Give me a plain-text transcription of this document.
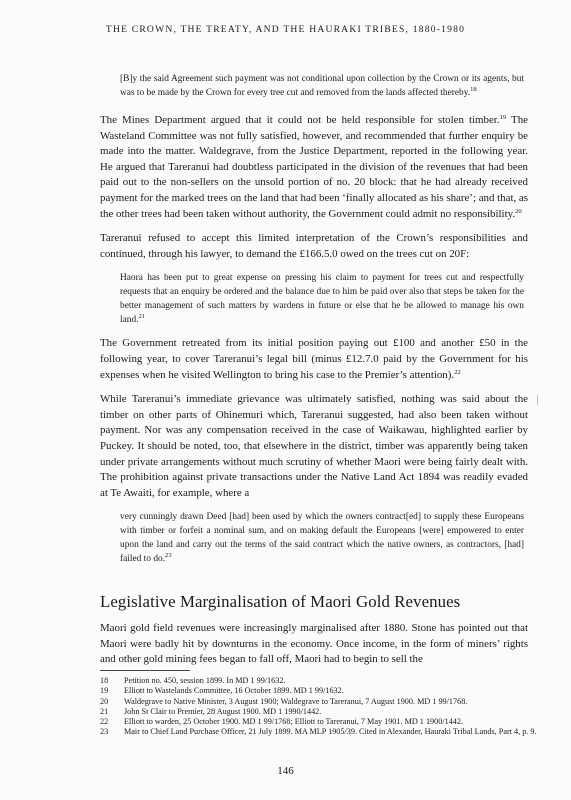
THE CROWN, THE TREATY, AND THE HAURAKI TRIBES, 1880-1980

[B]y the said Agreement such payment was not conditional upon collection by the Crown or its agents, but was to be made by the Crown for every tree cut and removed from the lands affected thereby.$^{18}$

The Mines Department argued that it could not be held responsible for stolen timber.$^{19}$ The Wasteland Committee was not fully satisfied, however, and recommended that further enquiry be made into the matter. Waldegrave, from the Justice Department, reported in the following year. He argued that Tareranui had doubtless participated in the division of the revenues that had been paid out to the non-sellers on the unsold portion of no. 20 block: that he had already received payment for the marked trees on the land that had been ‘finally allocated as his share’; and that, as the other trees had been taken without authority, the Government could admit no responsibility.$^{20}$

Tareranui refused to accept this limited interpretation of the Crown’s responsibilities and continued, through his lawyer, to demand the £166.5.0 owed on the trees cut on 20F:

Haora has been put to great expense on pressing his claim to payment for trees cut and respectfully requests that an enquiry be ordered and the balance due to him be paid over also that steps be taken for the better management of such matters by wardens in future or else that he be allowed to manage his own land.$^{21}$

The Government retreated from its initial position paying out £100 and another £50 in the following year, to cover Tareranui’s legal bill (minus £12.7.0 paid by the Government for his expenses when he visited Wellington to bring his case to the Premier’s attention).$^{22}$

While Tareranui’s immediate grievance was ultimately satisfied, nothing was said about the timber on other parts of Ohinemuri which, Tareranui suggested, had also been taken without payment. Nor was any compensation received in the case of Waikawau, highlighted earlier by Puckey. It should be noted, too, that elsewhere in the district, timber was apparently being taken under private arrangements without much scrutiny of whether Maori were being fairly dealt with. The prohibition against private transactions under the Native Land Act 1894 was readily evaded at Te Awaiti, for example, where a

very cunningly drawn Deed [had] been used by which the owners contract[ed] to supply these Europeans with timber or forfeit a nominal sum, and on making default the Europeans [were] empowered to enter upon the land and carry out the terms of the said contract which the native owners, as contractors, [had] failed to do.$^{23}$

Legislative Marginalisation of Maori Gold Revenues

Maori gold field revenues were increasingly marginalised after 1880. Stone has pointed out that Maori were badly hit by downturns in the economy. Once income, in the form of miners’ rights and other gold mining fees began to fall off, Maori had to begin to sell the

18	Petition no. 450, session 1899. In MD 1 99/1632.
19	Elliott to Wastelands Committee, 16 October 1899. MD 1 99/1632.
20	Waldegrave to Native Minister, 3 August 1900; Waldegrave to Tareranui, 7 August 1900. MD 1 99/1768.
21	John St Clair to Premier, 28 August 1900. MD 1 1990/1442.
22	Elliott to warden, 25 October 1900. MD 1 99/1768; Elliott to Tareranui, 7 May 1901. MD 1 1900/1442.
23	Mair to Chief Land Purchase Officer, 21 July 1899. MA MLP 1905/39. Cited in Alexander, Hauraki Tribal Lands, Part 4, p. 9.
146
